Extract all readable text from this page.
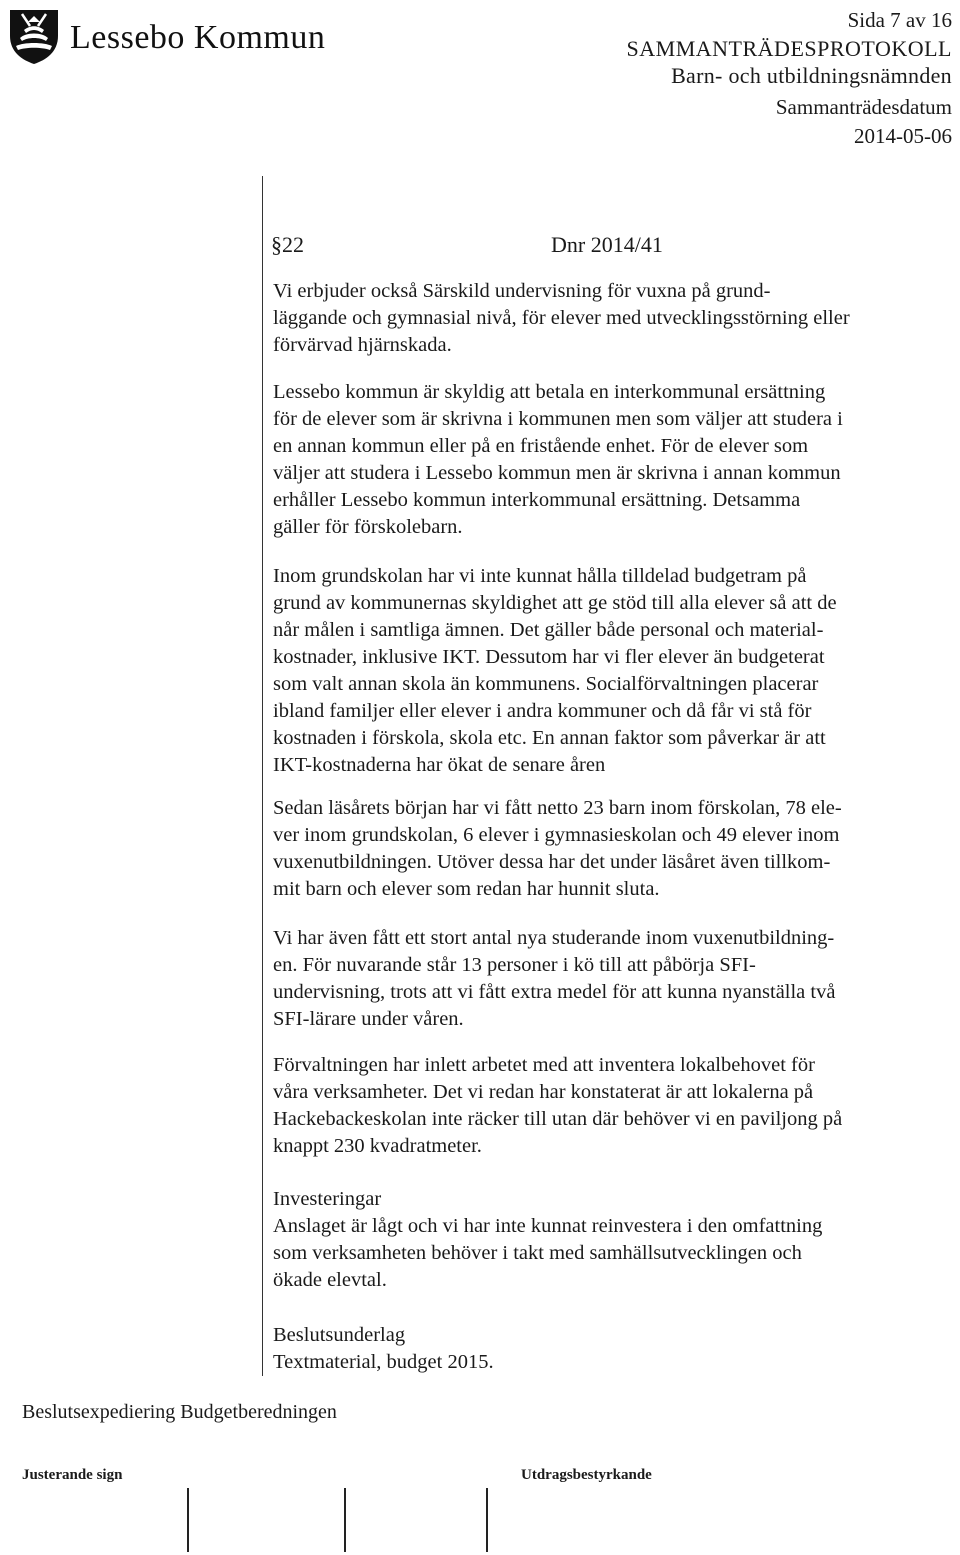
Lessebo Kommun	Sida 7 av 16
SAMMANTRÄDESPROTOKOLL
Barn- och utbildningsnämnden
Sammanträdesdatum
2014-05-06
§22	Dnr 2014/41

Vi erbjuder också Särskild undervisning för vuxna på grund-
läggande och gymnasial nivå, för elever med utvecklingsstörning eller
förvärvad hjärnskada.

Lessebo kommun är skyldig att betala en interkommunal ersättning
för de elever som är skrivna i kommunen men som väljer att studera i
en annan kommun eller på en fristående enhet. För de elever som
väljer att studera i Lessebo kommun men är skrivna i annan kommun
erhåller Lessebo kommun interkommunal ersättning. Detsamma
gäller för förskolebarn.

Inom grundskolan har vi inte kunnat hålla tilldelad budgetram på
grund av kommunernas skyldighet att ge stöd till alla elever så att de
når målen i samtliga ämnen. Det gäller både personal och material-
kostnader, inklusive IKT. Dessutom har vi fler elever än budgeterat
som valt annan skola än kommunens. Socialförvaltningen placerar
ibland familjer eller elever i andra kommuner och då får vi stå för
kostnaden i förskola, skola etc. En annan faktor som påverkar är att
IKT-kostnaderna har ökat de senare åren

Sedan läsårets början har vi fått netto 23 barn inom förskolan, 78 ele-
ver inom grundskolan, 6 elever i gymnasieskolan och 49 elever inom
vuxenutbildningen. Utöver dessa har det under läsåret även tillkom-
mit barn och elever som redan har hunnit sluta.

Vi har även fått ett stort antal nya studerande inom vuxenutbildning-
en. För nuvarande står 13 personer i kö till att påbörja SFI-
undervisning, trots att vi fått extra medel för att kunna nyanställa två
SFI-lärare under våren.

Förvaltningen har inlett arbetet med att inventera lokalbehovet för
våra verksamheter. Det vi redan har konstaterat är att lokalerna på
Hackebackeskolan inte räcker till utan där behöver vi en paviljong på
knappt 230 kvadratmeter.

Investeringar

Anslaget är lågt och vi har inte kunnat reinvestera i den omfattning
som verksamheten behöver i takt med samhällsutvecklingen och
ökade elevtal.

Beslutsunderlag

Textmaterial, budget 2015.

Beslutsexpediering Budgetberedningen
Justerande sign	Utdragsbestyrkande
